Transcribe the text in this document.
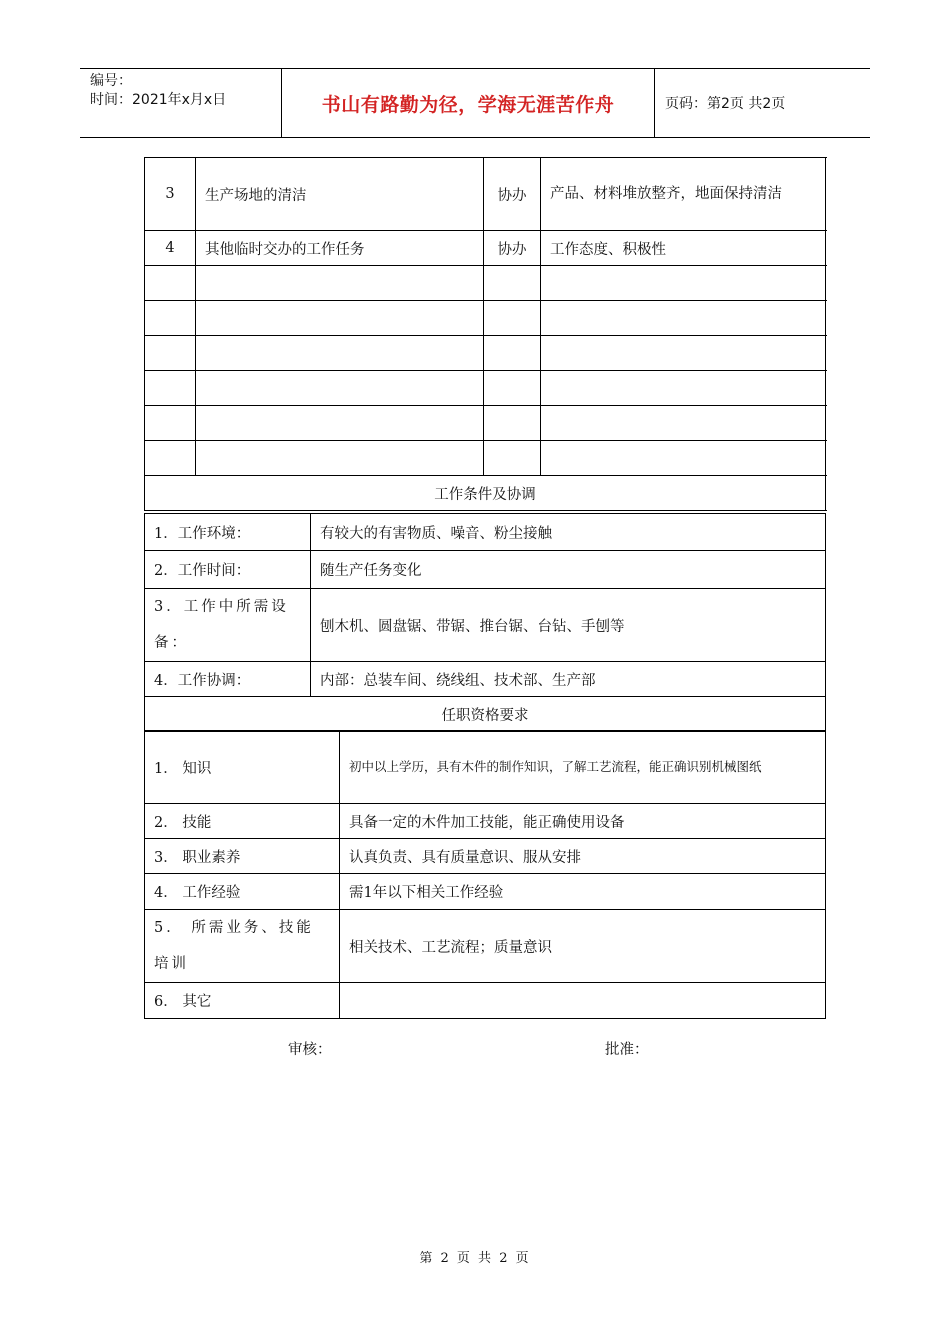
编号：
时间：2021年x月x日	书山有路勤为径，学海无涯苦作舟	页码：第2页 共2页
3	生产场地的清洁	协办	产品、材料堆放整齐，地面保持清洁
4	其他临时交办的工作任务	协办	工作态度、积极性

工作条件及协调			
1．工作环境：	有较大的有害物质、噪音、粉尘接触
2．工作时间：	随生产任务变化
3．工作中所需设备：	刨木机、圆盘锯、带锯、推台锯、台钻、手刨等
4．工作协调：	内部：总装车间、绕线组、技术部、生产部
任职资格要求	
1． 知识	初中以上学历，具有木件的制作知识，了解工艺流程，能正确识别机械图纸
2． 技能	具备一定的木件加工技能，能正确使用设备
3． 职业素养	认真负责、具有质量意识、服从安排
4． 工作经验	需1年以下相关工作经验
5． 所需业务、技能培训	相关技术、工艺流程；质量意识
6． 其它	
审核：	批准：
第 2 页 共 2 页
